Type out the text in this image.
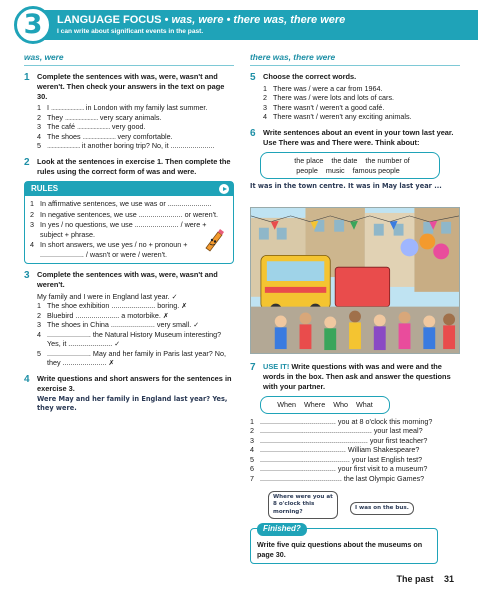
3	LANGUAGE FOCUS • was, were • there was, there were
I can write about significant events in the past.
was, were
1 Complete the sentences with was, were, wasn't and weren't. Then check your answers in the text on page 30.
1 I ...................... in London with my family last summer.
2 They ...................... very scary animals.
3 The café ...................... very good.
4 The shoes ...................... very comfortable.
5 ...................... it another boring trip? No, it ......................
2 Look at the sentences in exercise 1. Then complete the rules using the correct form of was and were.
RULES
1 In affirmative sentences, we use was or ......................
2 In negative sentences, we use ...................... or weren't.
3 In yes / no questions, we use ...................... / were + subject + phrase.
4 In short answers, we use yes / no + pronoun + ...................... / wasn't or were / weren't.
3 Complete the sentences with was, were, wasn't and weren't.
My family and I were in England last year. ✓
1 The shoe exhibition ...................... boring. ✗
2 Bluebird ...................... a motorbike. ✗
3 The shoes in China ...................... very small. ✓
4 ...................... the Natural History Museum interesting? Yes, it ...................... ✓
5 ...................... May and her family in Paris last year? No, they ...................... ✗
4 Write questions and short answers for the sentences in exercise 3.
Were May and her family in England last year? Yes, they were.
there was, there were
5 Choose the correct words.
1 There was / were a car from 1964.
2 There was / were lots and lots of cars.
3 There wasn't / weren't a good café.
4 There wasn't / weren't any exciting animals.
6 Write sentences about an event in your town last year. Use There was and There were. Think about:
the place the date the number of people music famous people
It was in the town centre. It was in May last year ...
7 USE IT! Write questions with was and were and the words in the box. Then ask and answer the questions with your partner.
When Where Who What
1 ...................................... you at 8 o'clock this morning?
2 ........................................................ your last meal?
3 ...................................................... your first teacher?
4 ........................................... William Shakespeare?
5 ............................................. your last English test?
6 ...................................... your first visit to a museum?
7 ......................................... the last Olympic Games?
Where were you at 8 o'clock this morning?
I was on the bus.
Finished?
Write five quiz questions about the museums on page 30.
The past 31
